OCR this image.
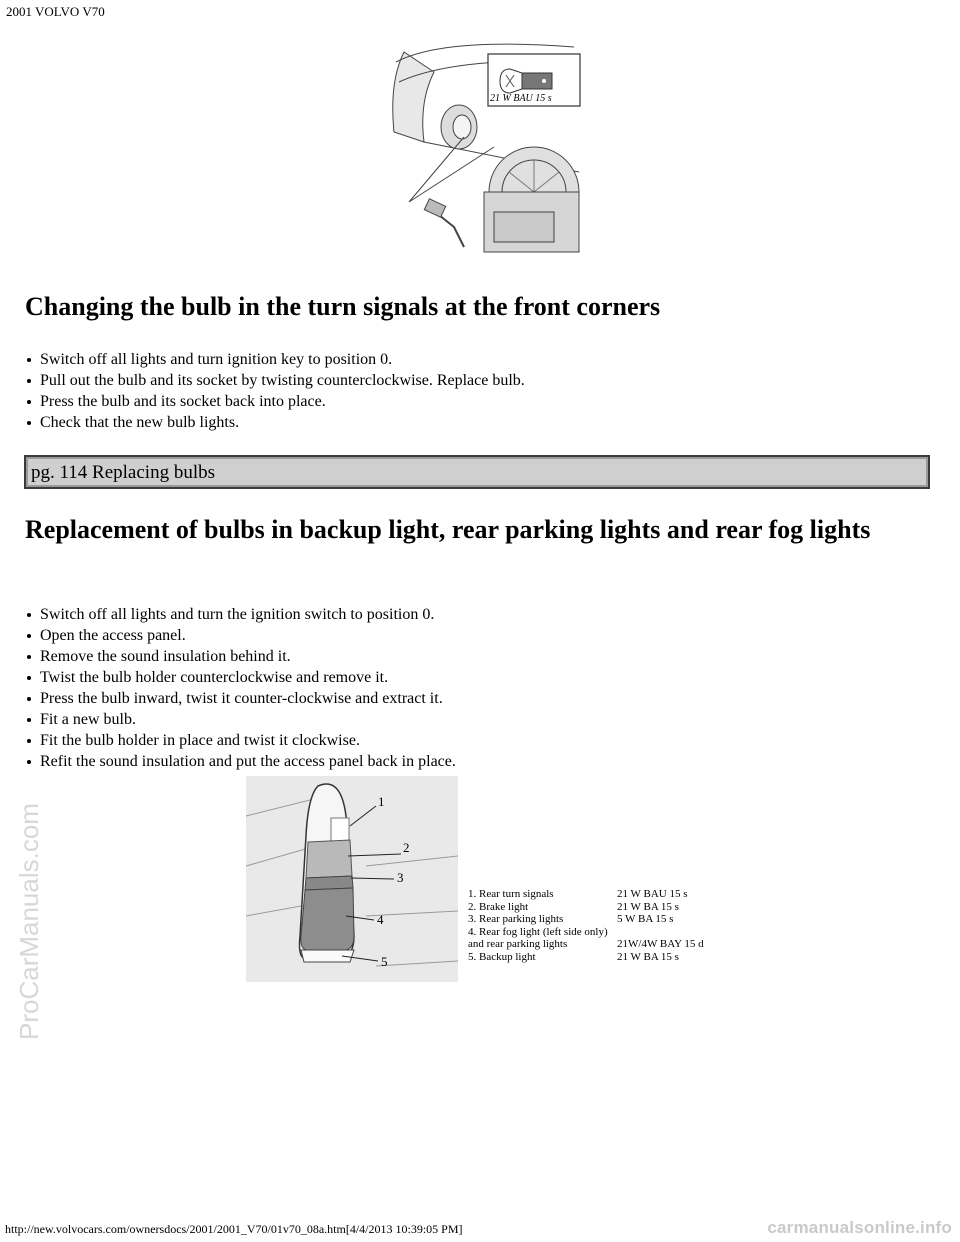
2001 VOLVO V70
21 W BAU 15 s
Changing the bulb in the turn signals at the front corners
Switch off all lights and turn ignition key to position 0.
Pull out the bulb and its socket by twisting counterclockwise. Replace bulb.
Press the bulb and its socket back into place.
Check that the new bulb lights.
pg. 114 Replacing bulbs
Replacement of bulbs in backup light, rear parking lights and rear fog lights
Switch off all lights and turn the ignition switch to position 0.
Open the access panel.
Remove the sound insulation behind it.
Twist the bulb holder counterclockwise and remove it.
Press the bulb inward, twist it counter-clockwise and extract it.
Fit a new bulb.
Fit the bulb holder in place and twist it clockwise.
Refit the sound insulation and put the access panel back in place.
1
2
3
4
5
1. Rear turn signals	21 W BAU 15 s
2. Brake light	21 W BA 15 s
3. Rear parking lights	5 W BA 15 s
4. Rear fog light (left side only)
and rear parking lights	21W/4W BAY 15 d
5. Backup light	21 W BA 15 s
ProCarManuals.com
http://new.volvocars.com/ownersdocs/2001/2001_V70/01v70_08a.htm[4/4/2013 10:39:05 PM]	carmanualsonline.info
